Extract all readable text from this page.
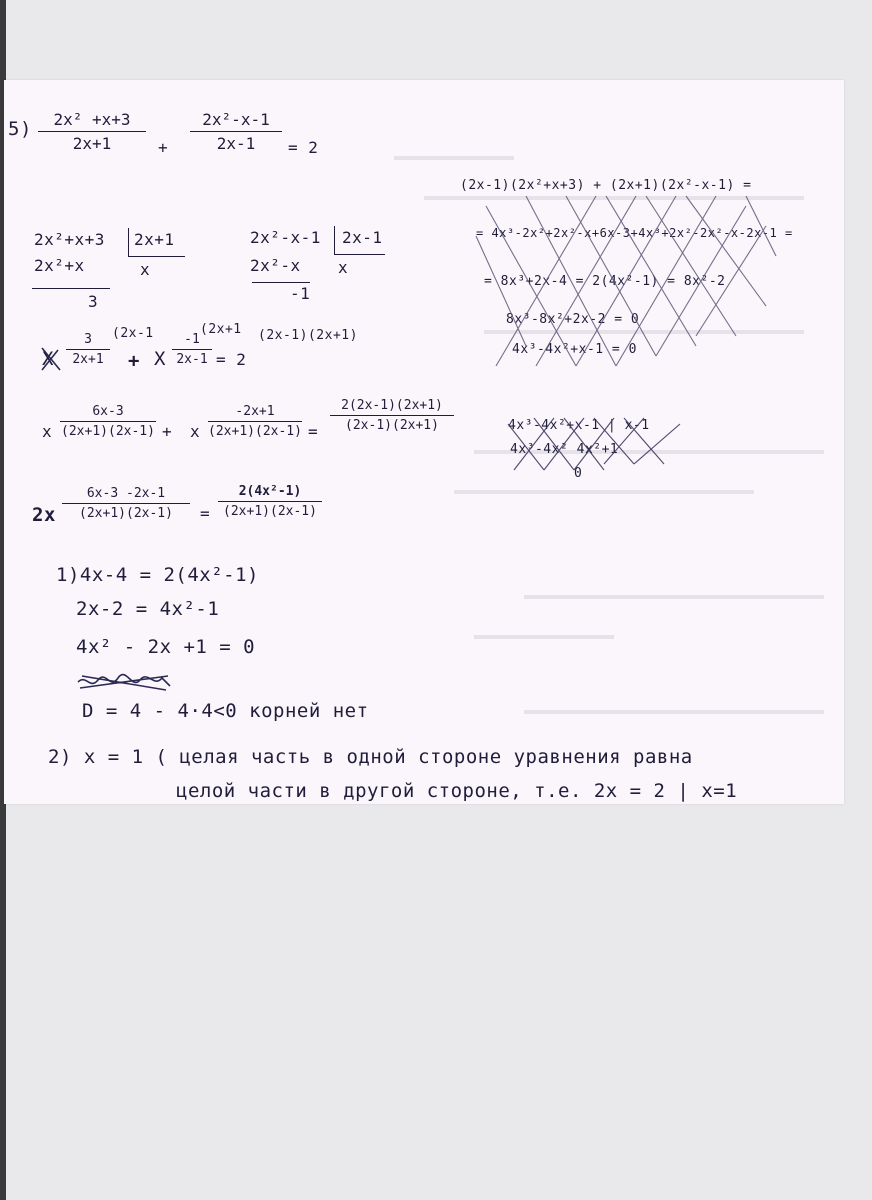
5)	2x² +x+3
2x+1	+
2x²-x-1
2x-1	= 2
2x²+x+3 2x+1
2x²+x	x
3
2x²-x-1 2x-1
2x²-x x
-1
X
3
2x+1
(2x-1
+ X
-1
2x-1
(2x+1
= 2
(2x-1)(2x+1)
x
6x-3
(2x+1)(2x-1) + x
-2x+1
(2x+1)(2x-1) =
2(2x-1)(2x+1)
(2x-1)(2x+1)
2x
6x-3 -2x-1
(2x+1)(2x-1)	=
2(4x²-1)
(2x+1)(2x-1)
1)4x-4 = 2(4x²-1)
2x-2 = 4x²-1
4x² - 2x +1 = 0
D = 4 - 4·4<0 корней нет
2) x = 1 ( целая часть в одной стороне уравнения равна
целой части в другой стороне, т.е. 2x = 2 | x=1
(2x-1)(2x²+x+3) + (2x+1)(2x²-x-1) =
= 4x³-2x²+2x²-x+6x-3+4x³+2x²-2x²-x-2x-1 =
= 8x³+2x-4 = 2(4x²-1) = 8x²-2
8x³-8x²+2x-2 = 0
4x³-4x²+x-1 = 0
4x³-4x²+x-1 | x-1
4x³-4x² 4x²+1
0
